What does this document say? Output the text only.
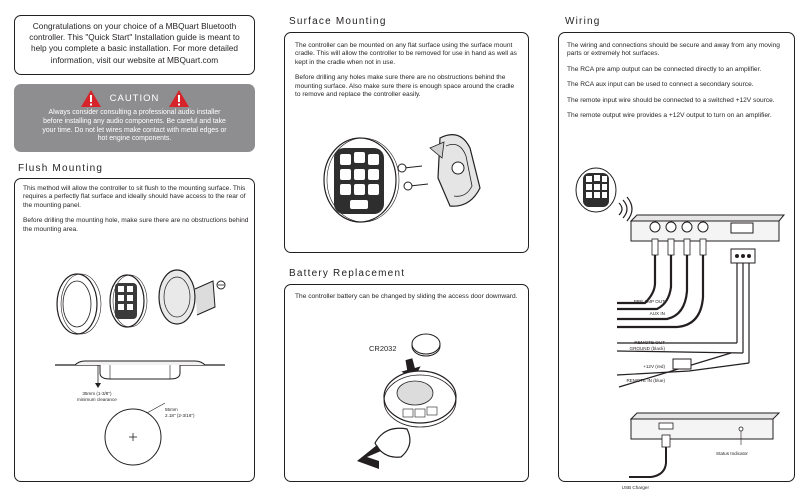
Congratulations on your choice of a MBQuart Bluetooth
controller. This "Quick Start" Installation guide is meant to
help you complete a basic installation. For more detailed
information, visit our website at MBQuart.com
CAUTION
Always consider consulting a professional audio installer
before installing any audio components. Be careful and take
your time. Do not let wires make contact with metal edges or
hot engine components.
Flush Mounting

This method will allow the controller to sit flush to the mounting surface. This requires a perfectly flat surface and ideally should have access to the rear of the mounting panel.

Before drilling the mounting hole, make sure there are no obstructions behind the mounting area.

35mm (1-3/8")
minimum clearance
55mm
2.18" (2-3/16")
Surface Mounting

The controller can be mounted on any flat surface using the surface mount cradle. This will allow the controller to be removed for use in hand as well as kept in the cradle when not in use.

Before drilling any holes make sure there are no obstructions behind the mounting surface. Also make sure there is enough space around the cradle to remove and replace the controller easily.

Battery Replacement

The controller battery can be changed by sliding the access door downward.

CR2032
Wiring

The wiring and connections should be secure and away from any moving parts or extremely hot surfaces.

The RCA pre amp output can be connected directly to an amplifier.

The RCA aux input can be used to connect a secondary source.

The remote input wire should be connected to a switched +12V source.

The remote output wire provides a +12V output to turn on an amplifier.

PRE AMP OUT
AUX IN
REMOTE OUT
GROUND (black)
+12V (red)
REMOTE IN (blue)
Status Indicator
USB Charger
